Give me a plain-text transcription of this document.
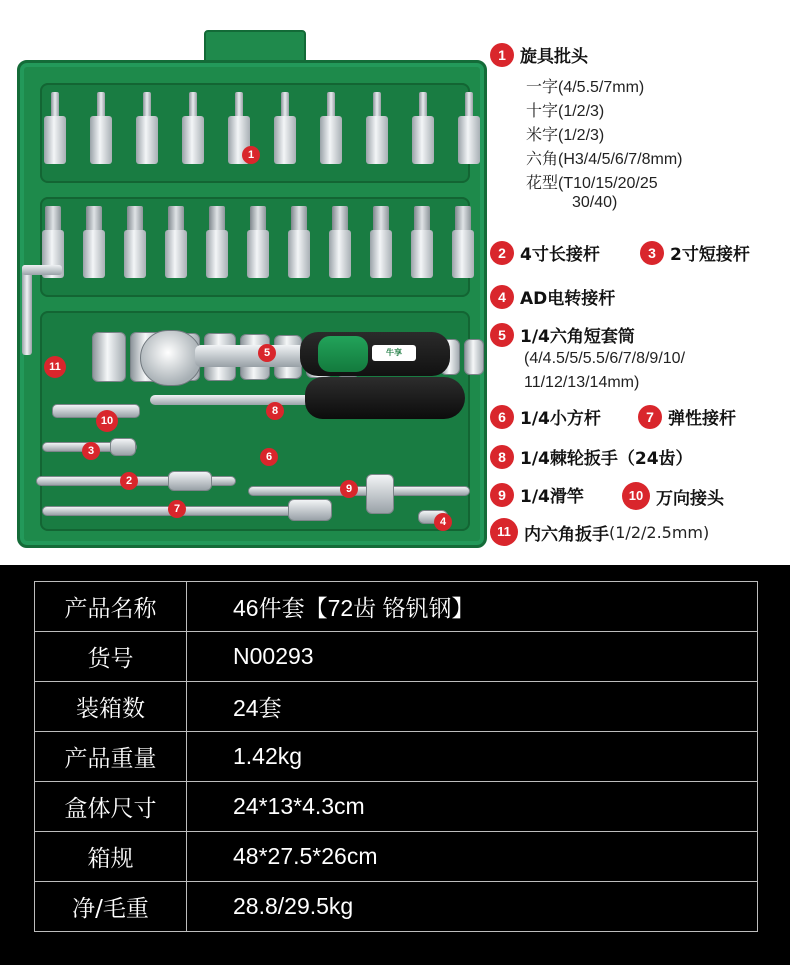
牛享
1
11
5
10
8
3	6
2
9
7
4
1 旋具批头
一字(4/5.5/7mm)
十字(1/2/3)
米字(1/2/3)
六角(H3/4/5/6/7/8mm)
花型(T10/15/20/25
30/40)
2 4寸长接杆	3 2寸短接杆
4 AD电转接杆
5 1/4六角短套筒
(4/4.5/5/5.5/6/7/8/9/10/
11/12/13/14mm)
6 1/4小方杆	7 弹性接杆
8 1/4棘轮扳手（24齿）
9 1/4滑竿	10 万向接头
11 内六角扳手 (1/2/2.5mm)
产品名称	46件套【72齿 铬钒钢】
货号	N00293
装箱数	24套
产品重量	1.42kg
盒体尺寸	24*13*4.3cm
箱规	48*27.5*26cm
净/毛重	28.8/29.5kg
